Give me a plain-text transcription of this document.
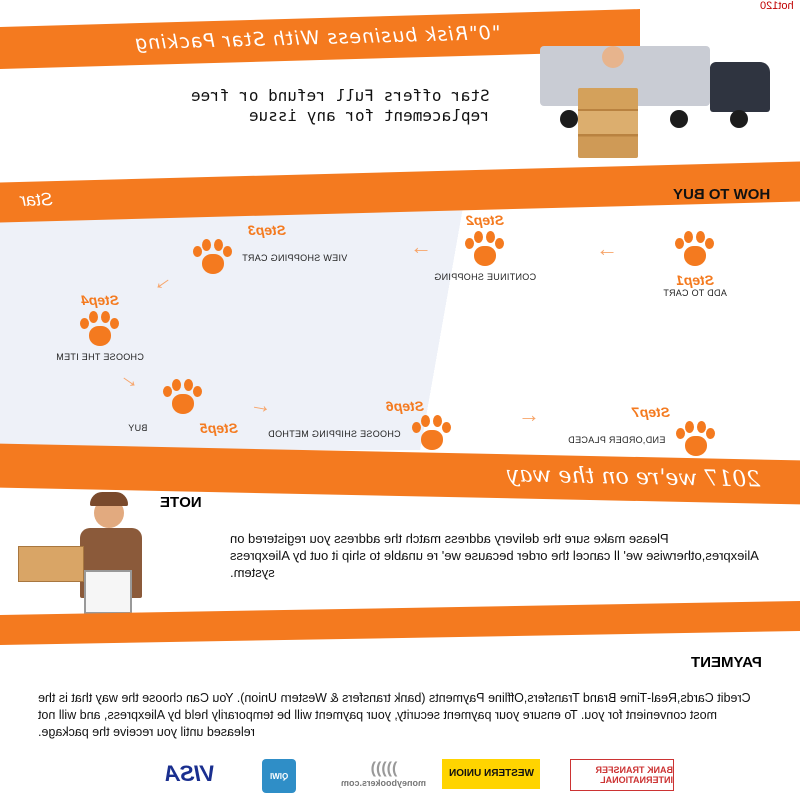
hot120
"0"Risk business With Star Packing
Star offers Full refund or free
replacement for any issue
Star	HOW TO BUY
Step1
ADD TO CART
Step2
CONTINUE SHOPPING
Step3
VIEW SHOPPING CART
Step4
CHOOSE THE ITEM
BUY	Step5
Step6
CHOOSE SHIPPING METHOD
Step7
END,ORDER PLACED
←
←
←
→
→	→
2017 we're on the way
NOTE
Please make sure the delivery address match the address you registered on Aliexpres,otherwise we' ll cancel the order because we' re unable to ship it out by Aliexpress system.
PAYMENT
Credit Cards,Real-Time Brand Transfers,Offline Payments (bank transfers & Western Union). You Can choose the way that is the most convenient for you. To ensure your payment security, your payment will be temporarily held by Aliexpress, and will not released until you receive the package.
VISA	QIWI	(((((
moneybookers.com
WESTERN UNION	BANK TRANSFER INTERNATIONAL
